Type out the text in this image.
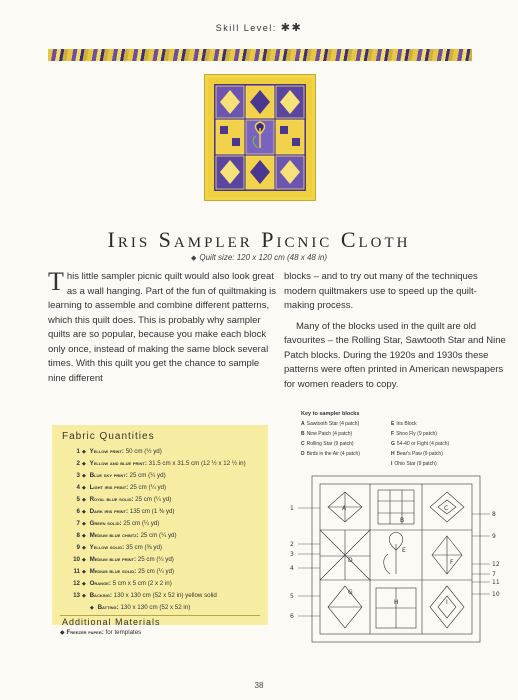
Skill Level: ✱✱
Iris Sampler Picnic Cloth
◆ Quilt size: 120 x 120 cm (48 x 48 in)

This little sampler picnic quilt would also look great as a wall hanging. Part of the fun of quiltmaking is learning to assemble and combine different patterns, which this quilt does. This is probably why sampler quilts are so popular, because you make each block only once, instead of making the same block several times. With this quilt you get the chance to sample nine different

blocks – and to try out many of the techniques modern quiltmakers use to speed up the quilt-making process.

Many of the blocks used in the quilt are old favourites – the Rolling Star, Sawtooth Star and Nine Patch blocks. During the 1920s and 1930s these patterns were often printed in American newspapers for women readers to copy.

Fabric Quantities
1 ◆ Yellow print: 50 cm (½ yd)
2 ◆ Yellow and blue print: 31.5 cm x 31.5 cm (12 ½ x 12 ½ in)
3 ◆ Blue sky print: 25 cm (¼ yd)
4 ◆ Light iris print: 25 cm (¼ yd)
5 ◆ Royal blue solid: 25 cm (¼ yd)
6 ◆ Dark iris print: 135 cm (1 ⅜ yd)
7 ◆ Green solid: 25 cm (¼ yd)
8 ◆ Medium blue chintz: 25 cm (¼ yd)
9 ◆ Yellow solid: 35 cm (⅜ yd)
10 ◆ Medium blue print: 25 cm (¼ yd)
11 ◆ Medium blue solid: 25 cm (¼ yd)
12 ◆ Orange: 5 cm x 5 cm (2 x 2 in)
13 ◆ Backing: 130 x 130 cm (52 x 52 in) yellow solid
◆ Batting: 130 x 130 cm (52 x 52 in)
Additional Materials
◆ Freezer paper: for templates
Key to sampler blocks
A Sawtooth Star (4 patch)	E Iris Block
B Nine Patch (4 patch)	F Shoo Fly (9 patch)
C Rolling Star (9 patch)	G 54-40 or Fight (4 patch)
D Birds in the Air (4 patch)	H Bear's Paw (9 patch)
I Ohio Star (9 patch)
A
B
C
D
E
F
G
H	I
1
2
3
4
5
6
8
9
12
7
11
10
38
